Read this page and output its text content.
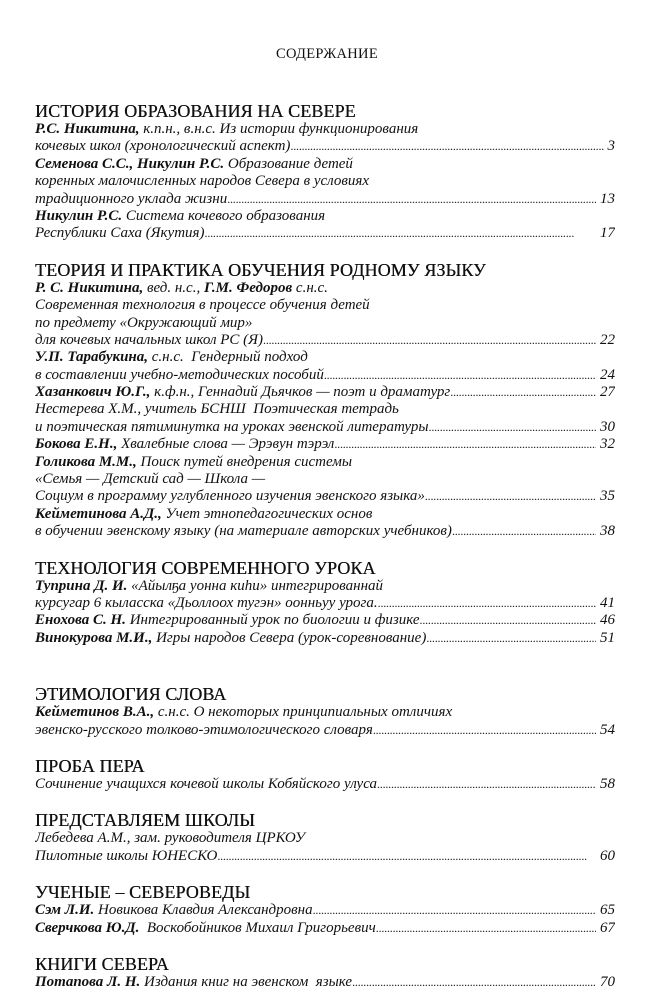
СОДЕРЖАНИЕ
ИСТОРИЯ ОБРАЗОВАНИЯ НА СЕВЕРЕ
Р.С. Никитина, к.п.н., в.н.с. Из истории функционирования
кочевых школ (хронологический аспект) . . .	3
Семенова С.С., Никулин Р.С. Образование детей
коренных малочисленных народов Севера в условиях
традиционного уклада жизни . . .	13
Никулин Р.С. Система кочевого образования
Республики Саха (Якутия) . . .	17
ТЕОРИЯ И ПРАКТИКА ОБУЧЕНИЯ РОДНОМУ ЯЗЫКУ
Р. С. Никитина, вед. н.с., Г.М. Федоров с.н.с.
Современная технология в процессе обучения детей
по предмету «Окружающий мир»
для кочевых начальных школ РС (Я) . . .	22
У.П. Тарабукина, с.н.с.  Гендерный подход
в составлении учебно-методических пособий . . .	24
Хазанкович Ю.Г., к.ф.н., Геннадий Дьячков — поэт и драматург . . .	27
Нестерева Х.М., учитель БСНШ  Поэтическая тетрадь
и поэтическая пятиминутка на уроках эвенской литературы . . .	30
Бокова Е.Н., Хвалебные слова — Эрэвун тэрэл . . .	32
Голикова М.М., Поиск путей внедрения системы
«Семья — Детский сад — Школа —
Социум в программу углубленного изучения эвенского языка» . . .	35
Кейметинова А.Д., Учет этнопедагогических основ
в обучении эвенскому языку (на материале авторских учебников) . . .	38
ТЕХНОЛОГИЯ СОВРЕМЕННОГО УРОКА
Туприна Д. И. «Айылҕа уонна киhи» интегрированнай
курсугар 6 кыласска «Дьоллоох тугэн» оонньуу урога. . . .	41
Енохова С. Н. Интегрированный урок по биологии и физике . . .	46
Винокурова М.И., Игры народов Севера (урок-соревнование) . . .	51
ЭТИМОЛОГИЯ СЛОВА
Кейметинов В.А., с.н.с. О некоторых принципиальных отличиях
эвенско-русского толково-этимологического словаря . . .	54
ПРОБА ПЕРА
Сочинение учащихся кочевой школы Кобяйского улуса . . .	58
ПРЕДСТАВЛЯЕМ ШКОЛЫ
Лебедева А.М., зам. руководителя ЦРКОУ
Пилотные школы ЮНЕСКО . . .	60
УЧЕНЫЕ – СЕВЕРОВЕДЫ
Сэм Л.И. Новикова Клавдия Александровна . . .	65
Сверчкова Ю.Д.  Воскобойников Михаил Григорьевич . . .	67
КНИГИ СЕВЕРА
Потапова Л. Н. Издания книг на эвенском  языке . . .	70
